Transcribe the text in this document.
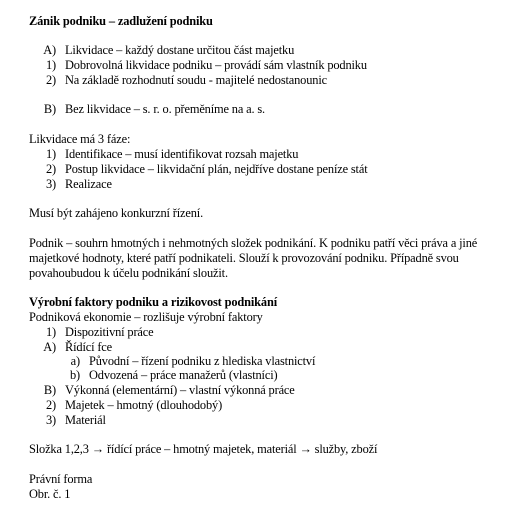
Zánik podniku – zadlužení podniku
A) Likvidace – každý dostane určitou část majetku
1) Dobrovolná likvidace podniku – provádí sám vlastník podniku
2) Na základě rozhodnutí soudu - majitelé nedostanounic
B) Bez likvidace – s. r. o. přeměníme na a. s.
Likvidace má 3 fáze:
1) Identifikace – musí identifikovat rozsah majetku
2) Postup likvidace – likvidační plán, nejdříve dostane peníze stát
3) Realizace
Musí být zahájeno konkurzní řízení.
Podnik – souhrn hmotných i nehmotných složek podnikání. K podniku patří věci práva a jiné
majetkové hodnoty, které patří podnikateli. Slouží k provozování podniku. Případně svou
povahoubudou k účelu podnikání sloužit.
Výrobní faktory podniku a rizikovost podnikání
Podniková ekonomie – rozlišuje výrobní faktory
1) Dispozitivní práce
A) Řídící fce
a) Původní – řízení podniku z hlediska vlastnictví
b) Odvozená – práce manažerů (vlastníci)
B) Výkonná (elementární) – vlastní výkonná práce
2) Majetek – hmotný (dlouhodobý)
3) Materiál
Složka 1,2,3 → řídící práce – hmotný majetek, materiál → služby, zboží
Právní forma
Obr. č. 1
